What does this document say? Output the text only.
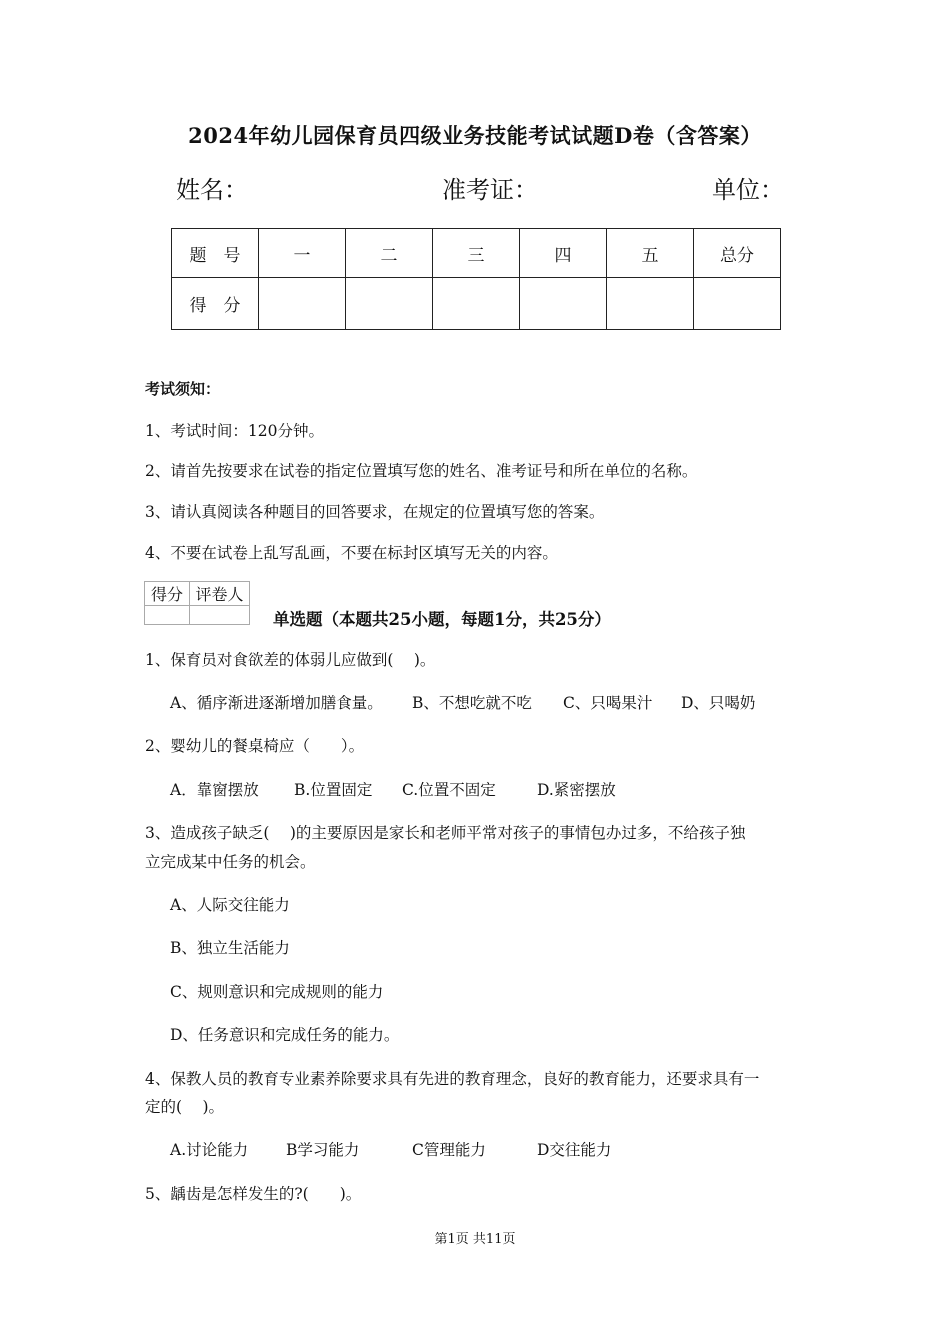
2024年幼儿园保育员四级业务技能考试试题D卷（含答案）
姓名：	准考证：	单位：
题　号	一	二	三	四	五	总分
得　分						
考试须知：
1、考试时间：120分钟。
2、请首先按要求在试卷的指定位置填写您的姓名、准考证号和所在单位的名称。
3、请认真阅读各种题目的回答要求，在规定的位置填写您的答案。
4、不要在试卷上乱写乱画，不要在标封区填写无关的内容。
得分	评卷人

单选题（本题共25小题，每题1分，共25分）
1、保育员对食欲差的体弱儿应做到(　 )。
A、循序渐进逐渐增加膳食量。 B、不想吃就不吃 C、只喝果汁 D、只喝奶
2、婴幼儿的餐桌椅应（　　）。
A．靠窗摆放 B.位置固定 C.位置不固定	D.紧密摆放
3、造成孩子缺乏(　 )的主要原因是家长和老师平常对孩子的事情包办过多，不给孩子独
立完成某中任务的机会。
A、人际交往能力
B、独立生活能力
C、规则意识和完成规则的能力
D、任务意识和完成任务的能力。
4、保教人员的教育专业素养除要求具有先进的教育理念，良好的教育能力，还要求具有一
定的(　 )。
A.讨论能力 B学习能力	C管理能力	D交往能力
5、龋齿是怎样发生的?(　　)。
第1页 共11页
